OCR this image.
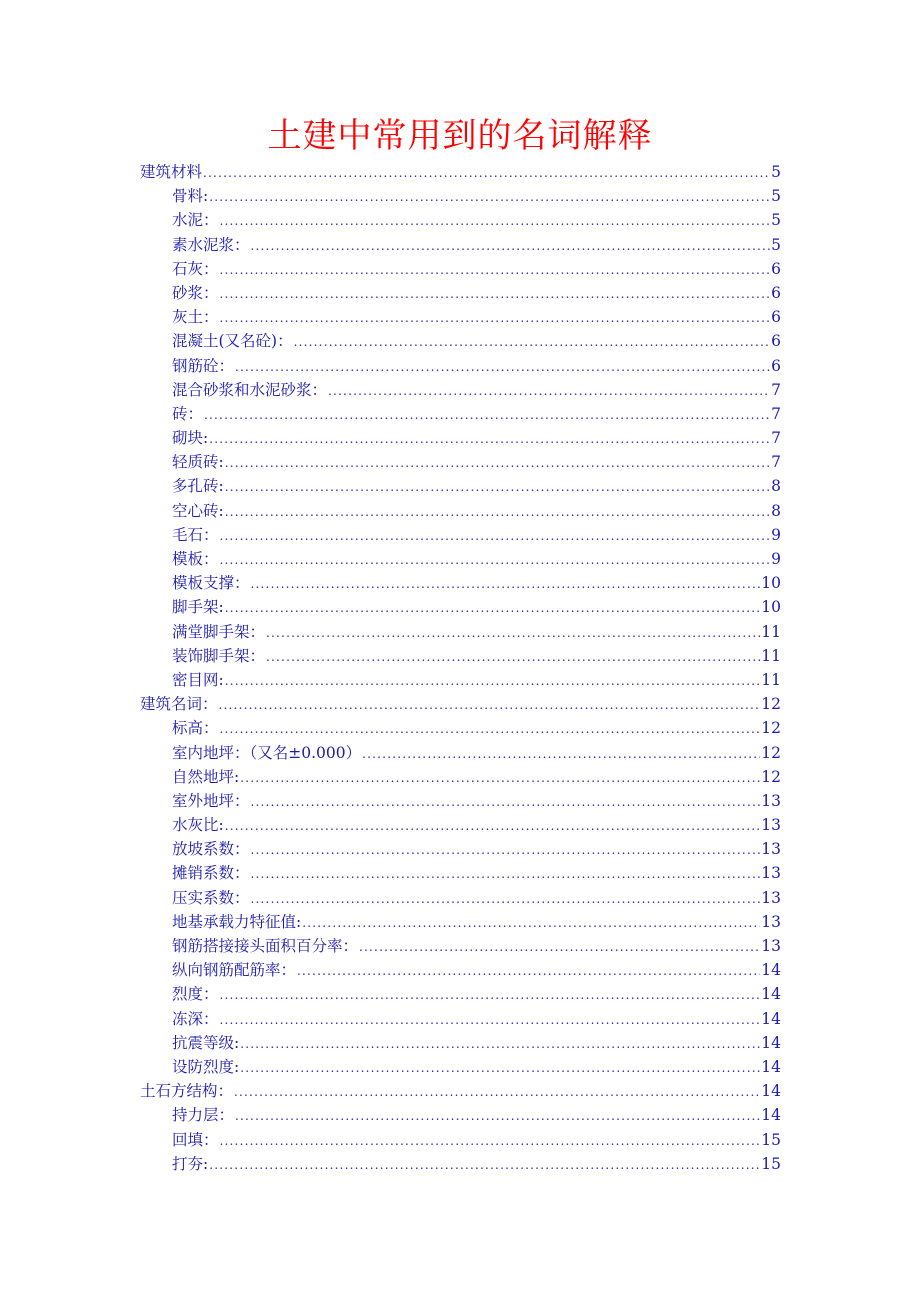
土建中常用到的名词解释
建筑材料 .....	5
骨料: .....	5
水泥： .....	5
素水泥浆： .....	5
石灰： .....	6
砂浆： .....	6
灰土： .....	6
混凝土(又名砼)： .....	6
钢筋砼： .....	6
混合砂浆和水泥砂浆： .....	7
砖： .....	7
砌块: .....	7
轻质砖: .....	7
多孔砖: .....	8
空心砖: .....	8
毛石： .....	9
模板： .....	9
模板支撑： .....	10
脚手架: .....	10
满堂脚手架： .....	11
装饰脚手架： .....	11
密目网: .....	11
建筑名词： .....	12
标高： .....	12
室内地坪：（又名±0.000） .....	12
自然地坪: .....	12
室外地坪： .....	13
水灰比: .....	13
放坡系数： .....	13
摊销系数： .....	13
压实系数： .....	13
地基承载力特征值: .....	13
钢筋搭接接头面积百分率： .....	13
纵向钢筋配筋率： .....	14
烈度： .....	14
冻深： .....	14
抗震等级: .....	14
设防烈度: .....	14
土石方结构： .....	14
持力层： .....	14
回填： .....	15
打夯: .....	15
